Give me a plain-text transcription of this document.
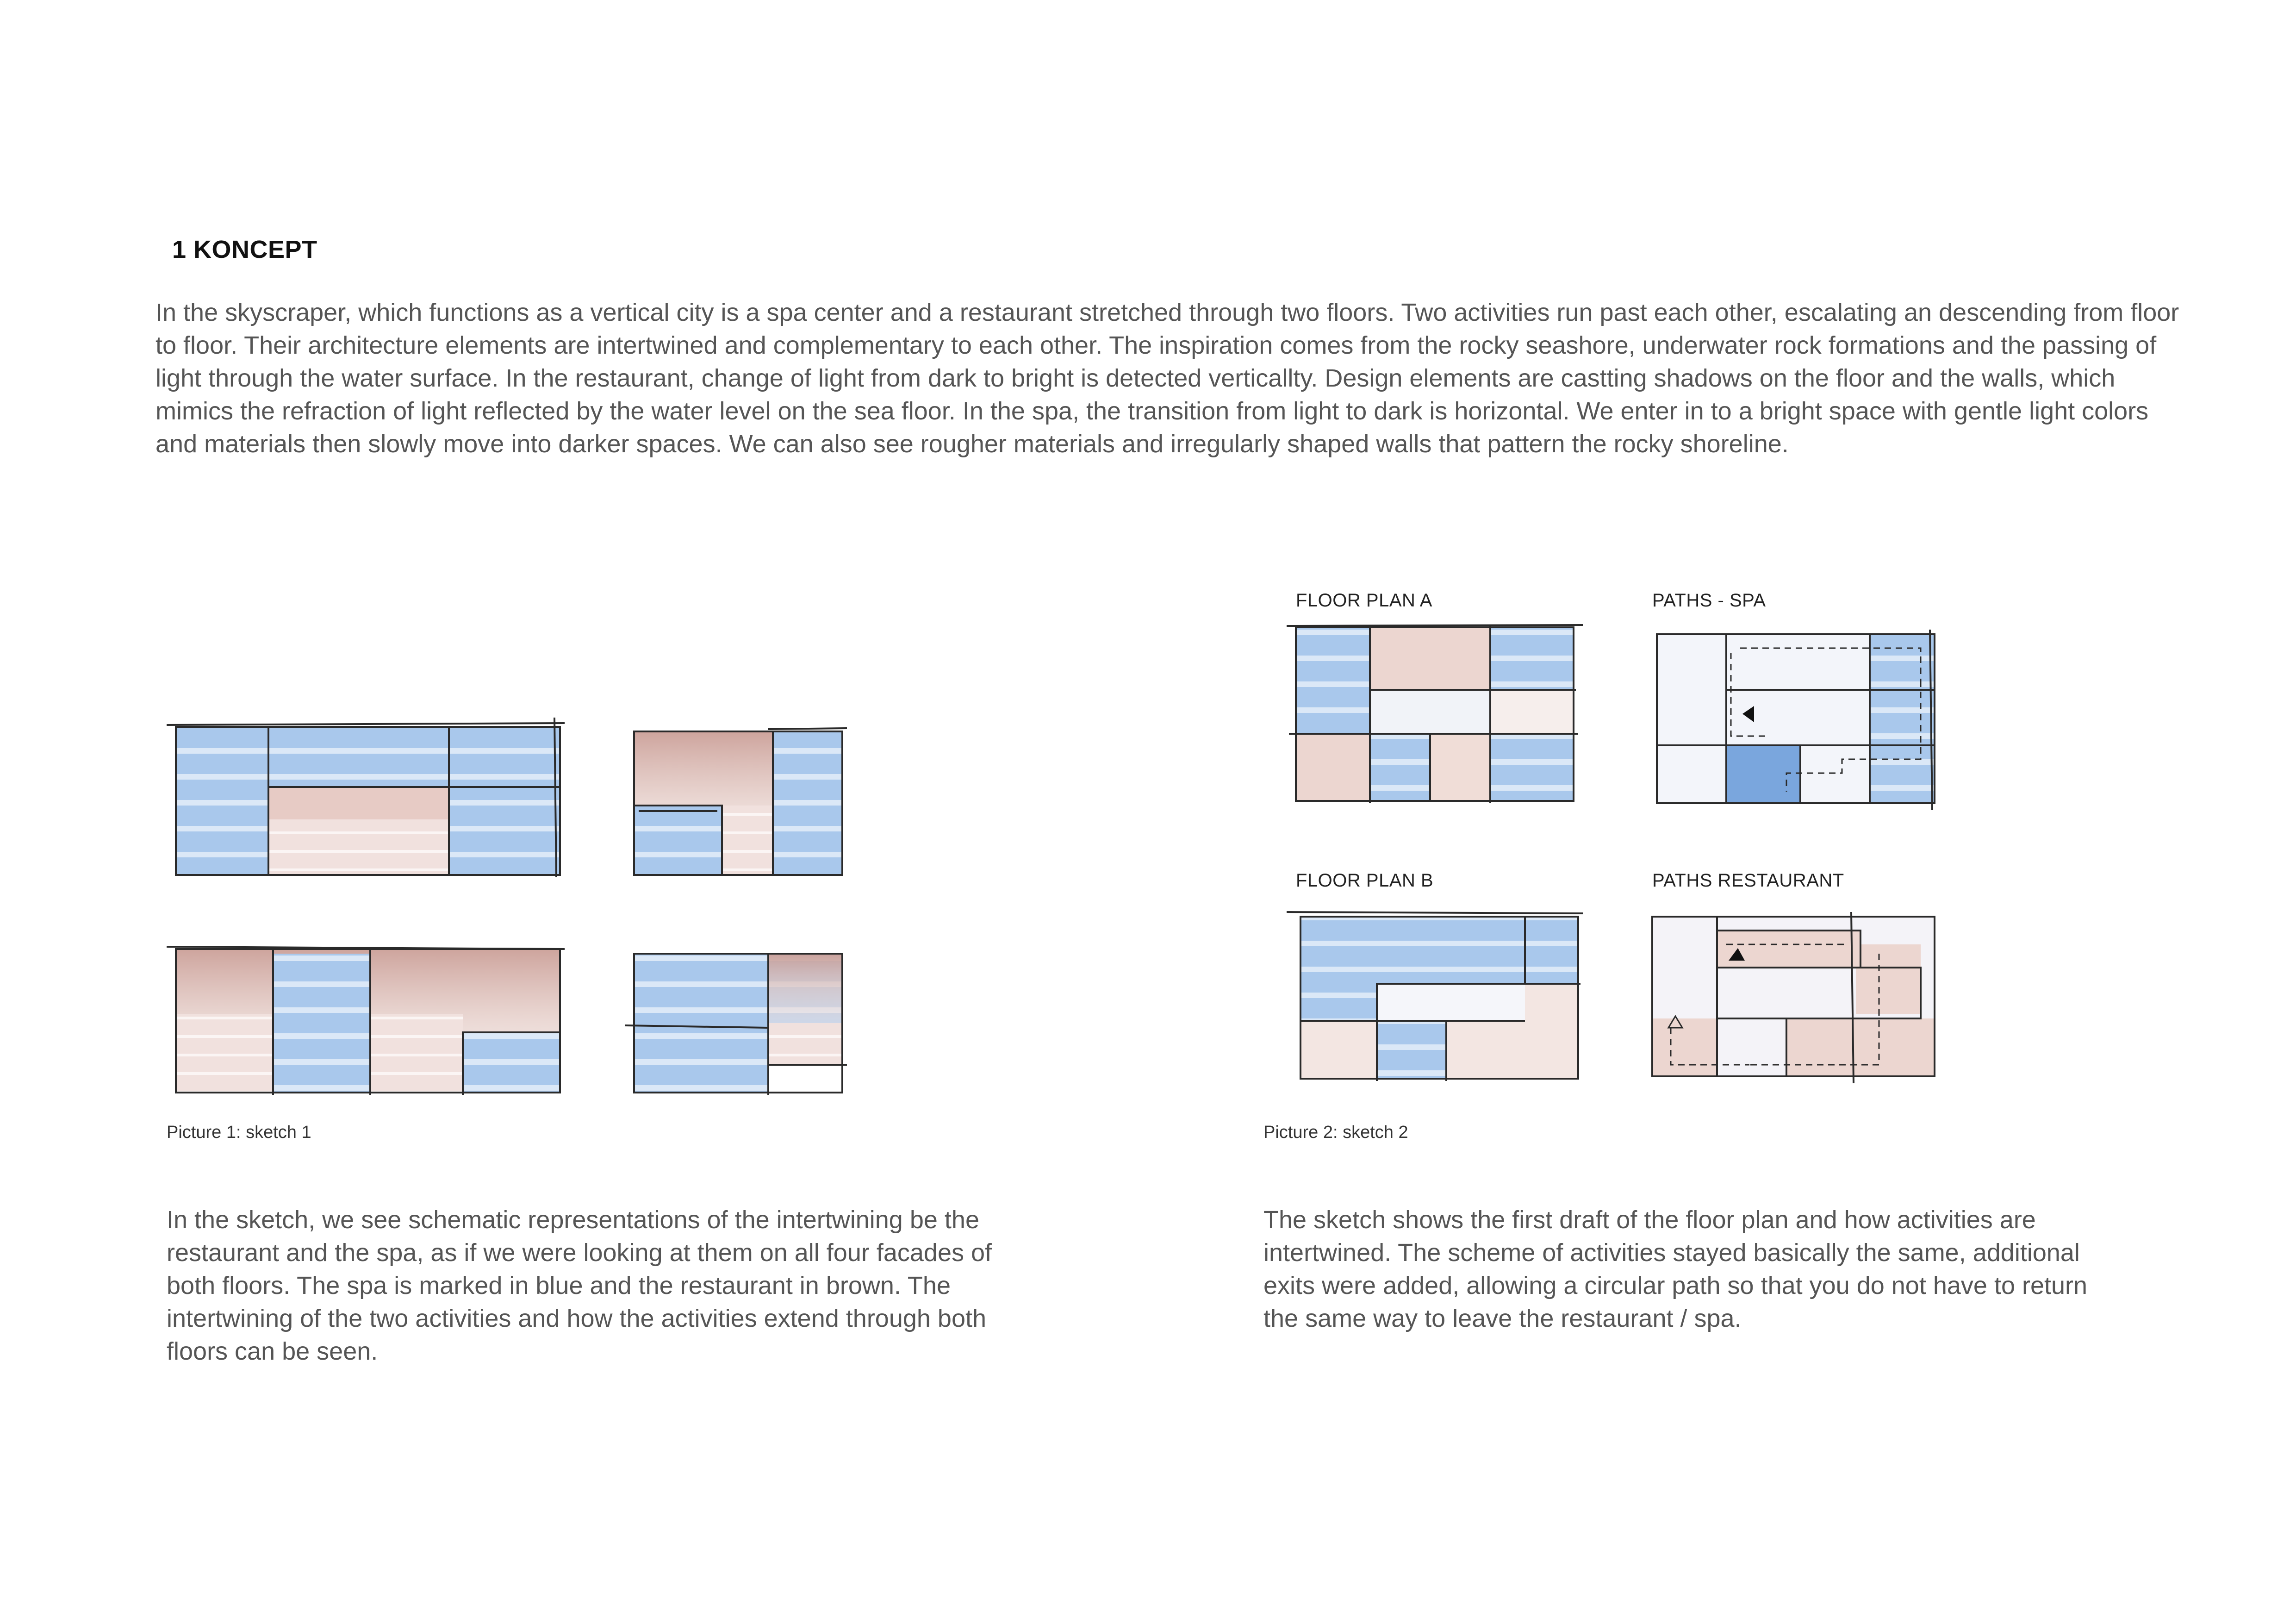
1 KONCEPT
In the skyscraper, which functions as a vertical city is a spa center and a restaurant stretched through two floors. Two activities run past each other, escalating an descending from floor to floor. Their architecture elements are intertwined and complementary to each other. The inspiration comes from the rocky seashore, underwater rock formations and the passing of light through the water surface. In the restaurant, change of light from dark to bright is detected verticallty. Design elements are castting shadows on the floor and the walls, which mimics the refraction of light reflected by the water level on the sea floor. In the spa, the transition from light to dark is horizontal. We enter in to a bright space with gentle light colors and materials then slowly move into darker spaces. We can also see rougher materials and irregularly shaped walls that pattern the rocky shoreline.
Picture 1: sketch 1
In the sketch, we see schematic representations of the intertwining be the restaurant and the spa, as if we were looking at them on all four facades of both floors. The spa is marked in blue and the restaurant in brown. The intertwining of the two activities and how the activities extend through both floors can be seen.
FLOOR PLAN A	PATHS - SPA
FLOOR PLAN B	PATHS RESTAURANT
Picture 2: sketch 2
The sketch shows the first draft of the floor plan and how activities are intertwined. The scheme of activities stayed basically the same, additional exits were added, allowing a circular path so that you do not have to return the same way to leave the restaurant / spa.
